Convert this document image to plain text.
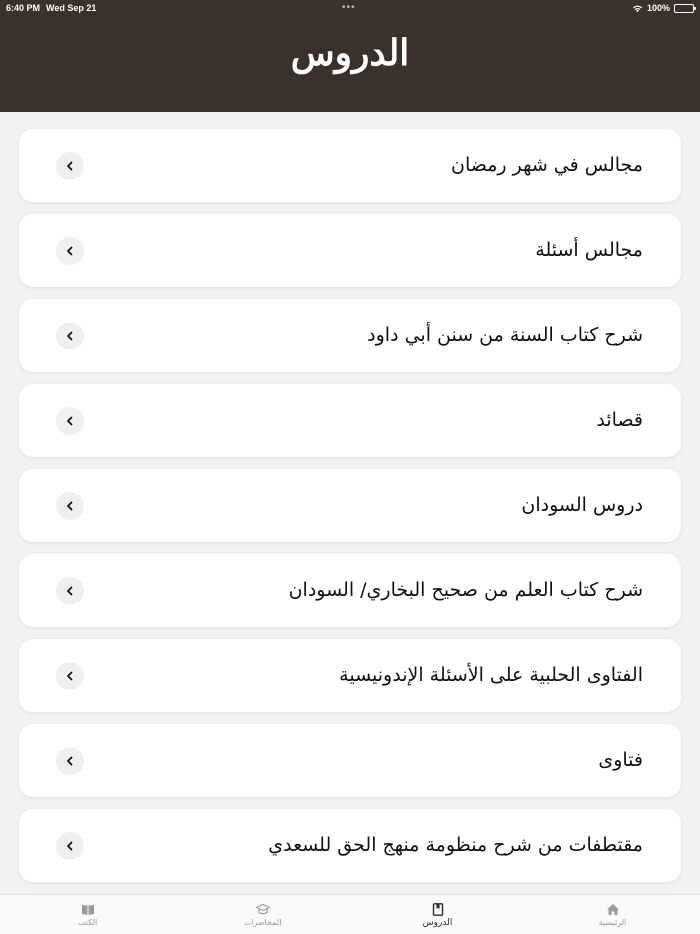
6:40 PM Wed Sep 21	•••	100%
الدروس
مجالس في شهر رمضان
مجالس أسئلة
شرح كتاب السنة من سنن أبي داود
قصائد
دروس السودان
شرح كتاب العلم من صحيح البخاري/ السودان
الفتاوى الحلبية على الأسئلة الإندونيسية
فتاوى
مقتطفات من شرح منظومة منهج الحق للسعدي
الكتب	المحاضرات	الدروس	الرئيسية
